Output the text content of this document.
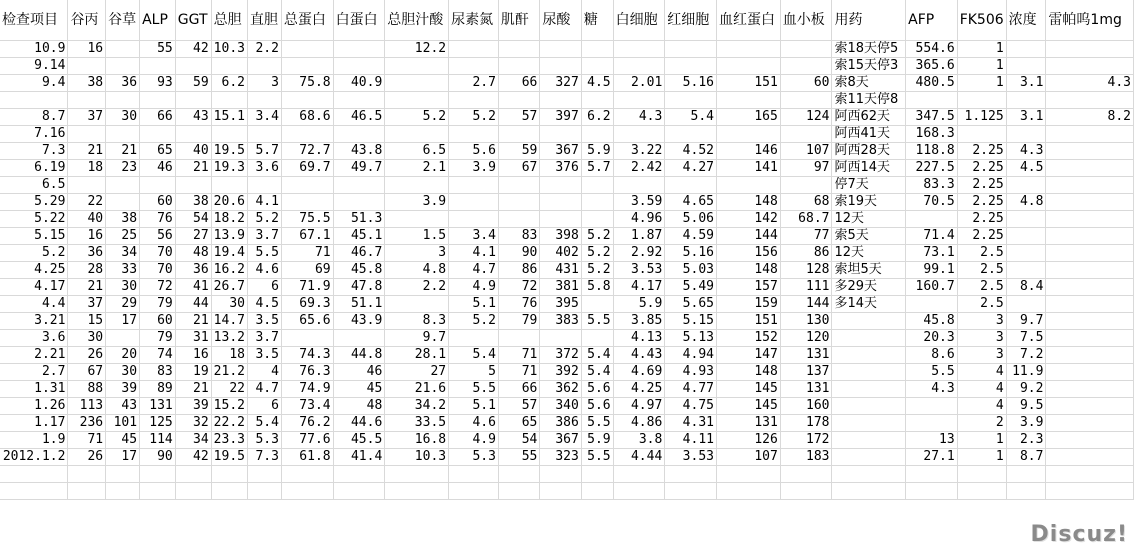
检查项目	谷丙	谷草	ALP	GGT	总胆	直胆	总蛋白	白蛋白	总胆汁酸	尿素氮	肌酐	尿酸	糖	白细胞	红细胞	血红蛋白	血小板	用药	AFP	FK506	浓度	雷帕呜1mg
10.9	16		55	42	10.3	2.2			12.2									索18天停5	554.6	1		
9.14																		索15天停3	365.6	1		
9.4	38	36	93	59	6.2	3	75.8	40.9		2.7	66	327	4.5	2.01	5.16	151	60	索8天	480.5	1	3.1	4.3
																		索11天停8				
8.7	37	30	66	43	15.1	3.4	68.6	46.5	5.2	5.2	57	397	6.2	4.3	5.4	165	124	阿西62天	347.5	1.125	3.1	8.2
7.16																		阿西41天	168.3			
7.3	21	21	65	40	19.5	5.7	72.7	43.8	6.5	5.6	59	367	5.9	3.22	4.52	146	107	阿西28天	118.8	2.25	4.3	
6.19	18	23	46	21	19.3	3.6	69.7	49.7	2.1	3.9	67	376	5.7	2.42	4.27	141	97	阿西14天	227.5	2.25	4.5	
6.5																		停7天	83.3	2.25		
5.29	22		60	38	20.6	4.1			3.9					3.59	4.65	148	68	索19天	70.5	2.25	4.8	
5.22	40	38	76	54	18.2	5.2	75.5	51.3						4.96	5.06	142	68.7	12天		2.25		
5.15	16	25	56	27	13.9	3.7	67.1	45.1	1.5	3.4	83	398	5.2	1.87	4.59	144	77	索5天	71.4	2.25		
5.2	36	34	70	48	19.4	5.5	71	46.7	3	4.1	90	402	5.2	2.92	5.16	156	86	12天	73.1	2.5		
4.25	28	33	70	36	16.2	4.6	69	45.8	4.8	4.7	86	431	5.2	3.53	5.03	148	128	索坦5天	99.1	2.5		
4.17	21	30	72	41	26.7	6	71.9	47.8	2.2	4.9	72	381	5.8	4.17	5.49	157	111	多29天	160.7	2.5	8.4	
4.4	37	29	79	44	30	4.5	69.3	51.1		5.1	76	395		5.9	5.65	159	144	多14天		2.5		
3.21	15	17	60	21	14.7	3.5	65.6	43.9	8.3	5.2	79	383	5.5	3.85	5.15	151	130		45.8	3	9.7	
3.6	30		79	31	13.2	3.7			9.7					4.13	5.13	152	120		20.3	3	7.5	
2.21	26	20	74	16	18	3.5	74.3	44.8	28.1	5.4	71	372	5.4	4.43	4.94	147	131		8.6	3	7.2	
2.7	67	30	83	19	21.2	4	76.3	46	27	5	71	392	5.4	4.69	4.93	148	137		5.5	4	11.9	
1.31	88	39	89	21	22	4.7	74.9	45	21.6	5.5	66	362	5.6	4.25	4.77	145	131		4.3	4	9.2	
1.26	113	43	131	39	15.2	6	73.4	48	34.2	5.1	57	340	5.6	4.97	4.75	145	160			4	9.5	
1.17	236	101	125	32	22.2	5.4	76.2	44.6	33.5	4.6	65	386	5.5	4.86	4.31	131	178			2	3.9	
1.9	71	45	114	34	23.3	5.3	77.6	45.5	16.8	4.9	54	367	5.9	3.8	4.11	126	172		13	1	2.3	
2012.1.2	26	17	90	42	19.5	7.3	61.8	41.4	10.3	5.3	55	323	5.5	4.44	3.53	107	183		27.1	1	8.7	

Discuz!
